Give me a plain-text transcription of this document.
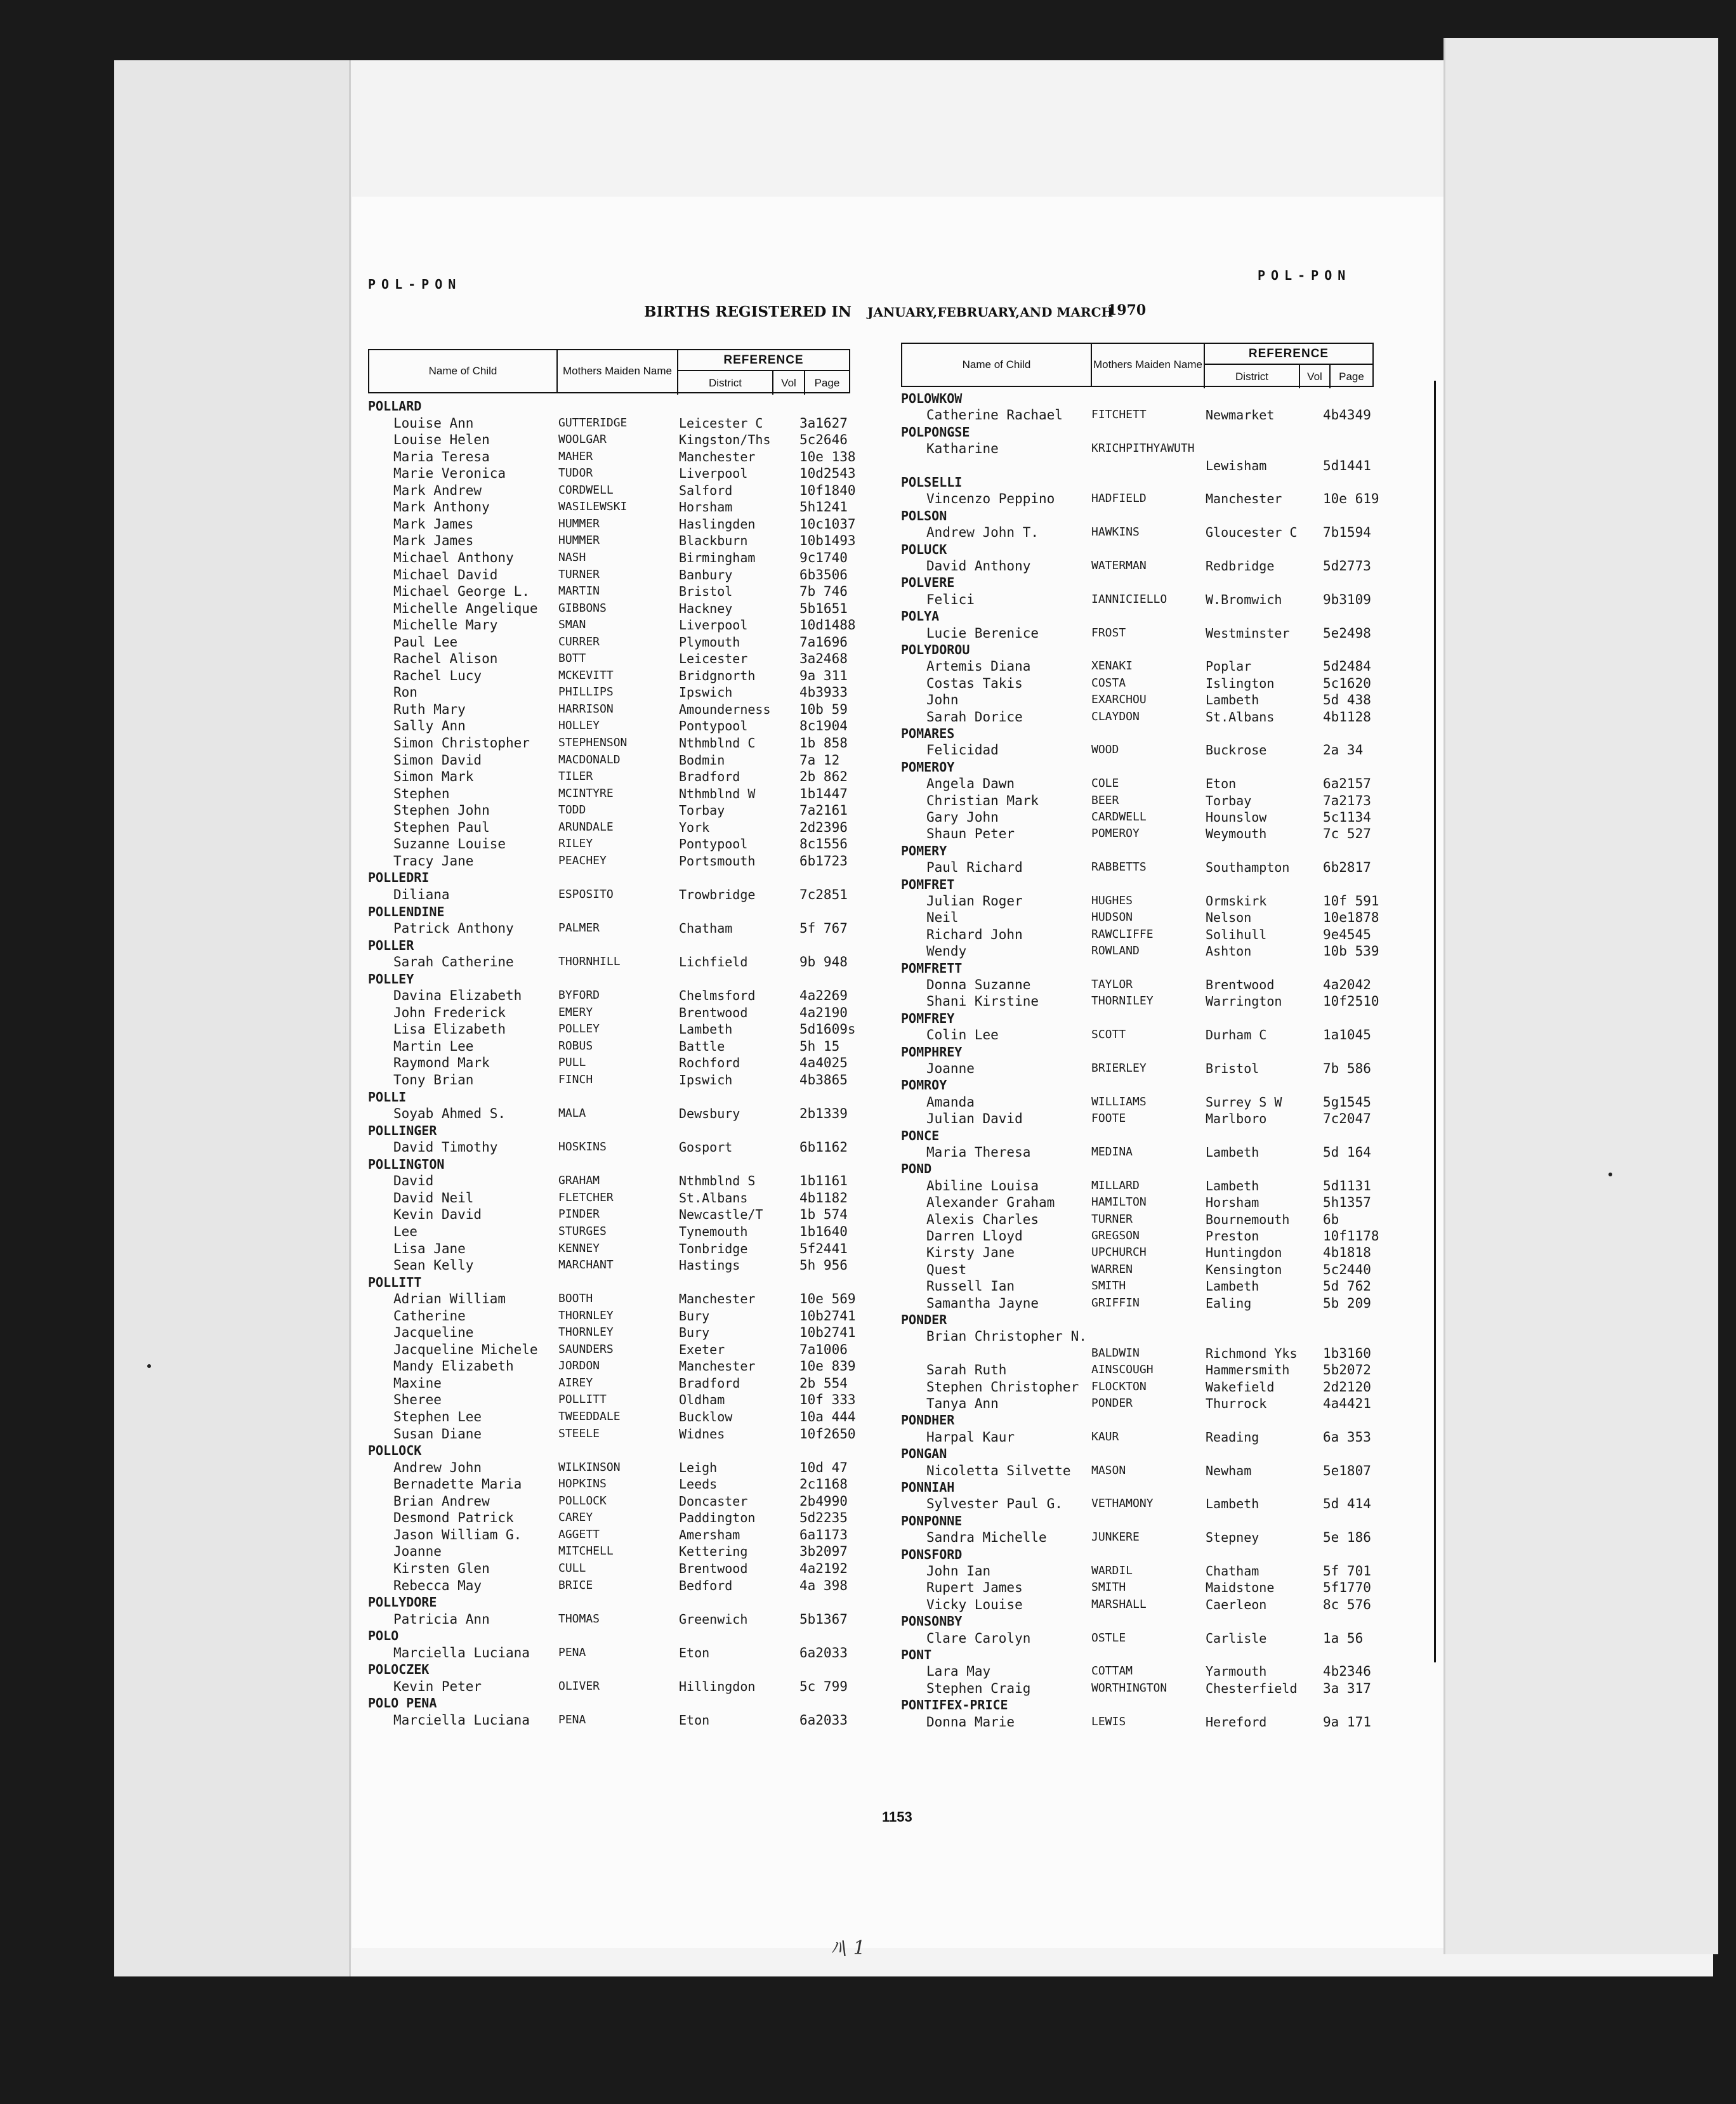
POL-PON
POL-PON
BIRTHS REGISTERED IN JANUARY,FEBRUARY,AND MARCH
1970
Name of Child	Mothers Maiden Name
REFERENCE
District	Vol	Page
Name of Child	Mothers Maiden Name
REFERENCE
District	Vol	Page
POLLARD
Louise Ann	GUTTERIDGE	Leicester C	3a1627
Louise Helen	WOOLGAR	Kingston/Ths 5c2646
Maria Teresa	MAHER	Manchester	10e 138
Marie Veronica	TUDOR	Liverpool	10d2543
Mark Andrew	CORDWELL	Salford	10f1840
Mark Anthony	WASILEWSKI	Horsham	5h1241
Mark James	HUMMER	Haslingden	10c1037
Mark James	HUMMER	Blackburn	10b1493
Michael Anthony	NASH	Birmingham	9c1740
Michael David	TURNER	Banbury	6b3506
Michael George L.	MARTIN	Bristol	7b 746
Michelle Angelique GIBBONS	Hackney	5b1651
Michelle Mary	SMAN	Liverpool	10d1488
Paul Lee	CURRER	Plymouth	7a1696
Rachel Alison	BOTT	Leicester	3a2468
Rachel Lucy	MCKEVITT	Bridgnorth	9a 311
Ron	PHILLIPS	Ipswich	4b3933
Ruth Mary	HARRISON	Amounderness 10b 59
Sally Ann	HOLLEY	Pontypool	8c1904
Simon Christopher	STEPHENSON	Nthmblnd C	1b 858
Simon David	MACDONALD	Bodmin	7a 12
Simon Mark	TILER	Bradford	2b 862
Stephen	MCINTYRE	Nthmblnd W	1b1447
Stephen John	TODD	Torbay	7a2161
Stephen Paul	ARUNDALE	York	2d2396
Suzanne Louise	RILEY	Pontypool	8c1556
Tracy Jane	PEACHEY	Portsmouth	6b1723
POLLEDRI
Diliana	ESPOSITO	Trowbridge	7c2851
POLLENDINE
Patrick Anthony	PALMER	Chatham	5f 767
POLLER
Sarah Catherine	THORNHILL	Lichfield	9b 948
POLLEY
Davina Elizabeth	BYFORD	Chelmsford	4a2269
John Frederick	EMERY	Brentwood	4a2190
Lisa Elizabeth	POLLEY	Lambeth	5d1609s
Martin Lee	ROBUS	Battle	5h 15
Raymond Mark	PULL	Rochford	4a4025
Tony Brian	FINCH	Ipswich	4b3865
POLLI
Soyab Ahmed S.	MALA	Dewsbury	2b1339
POLLINGER
David Timothy	HOSKINS	Gosport	6b1162
POLLINGTON
David	GRAHAM	Nthmblnd S	1b1161
David Neil	FLETCHER	St.Albans	4b1182
Kevin David	PINDER	Newcastle/T	1b 574
Lee	STURGES	Tynemouth	1b1640
Lisa Jane	KENNEY	Tonbridge	5f2441
Sean Kelly	MARCHANT	Hastings	5h 956
POLLITT
Adrian William	BOOTH	Manchester	10e 569
Catherine	THORNLEY	Bury	10b2741
Jacqueline	THORNLEY	Bury	10b2741
Jacqueline Michele SAUNDERS	Exeter	7a1006
Mandy Elizabeth	JORDON	Manchester	10e 839
Maxine	AIREY	Bradford	2b 554
Sheree	POLLITT	Oldham	10f 333
Stephen Lee	TWEEDDALE	Bucklow	10a 444
Susan Diane	STEELE	Widnes	10f2650
POLLOCK
Andrew John	WILKINSON	Leigh	10d 47
Bernadette Maria	HOPKINS	Leeds	2c1168
Brian Andrew	POLLOCK	Doncaster	2b4990
Desmond Patrick	CAREY	Paddington	5d2235
Jason William G.	AGGETT	Amersham	6a1173
Joanne	MITCHELL	Kettering	3b2097
Kirsten Glen	CULL	Brentwood	4a2192
Rebecca May	BRICE	Bedford	4a 398
POLLYDORE
Patricia Ann	THOMAS	Greenwich	5b1367
POLO
Marciella Luciana	PENA	Eton	6a2033
POLOCZEK
Kevin Peter	OLIVER	Hillingdon	5c 799
POLO PENA
Marciella Luciana	PENA	Eton	6a2033
POLOWKOW
Catherine Rachael	FITCHETT	Newmarket	4b4349
POLPONGSE
Katharine	KRICHPITHYAWUTH
Lewisham	5d1441
POLSELLI
Vincenzo Peppino	HADFIELD	Manchester	10e 619
POLSON
Andrew John T.	HAWKINS	Gloucester C 7b1594
POLUCK
David Anthony	WATERMAN	Redbridge	5d2773
POLVERE
Felici	IANNICIELLO	W.Bromwich	9b3109
POLYA
Lucie Berenice	FROST	Westminster	5e2498
POLYDOROU
Artemis Diana	XENAKI	Poplar	5d2484
Costas Takis	COSTA	Islington	5c1620
John	EXARCHOU	Lambeth	5d 438
Sarah Dorice	CLAYDON	St.Albans	4b1128
POMARES
Felicidad	WOOD	Buckrose	2a 34
POMEROY
Angela Dawn	COLE	Eton	6a2157
Christian Mark	BEER	Torbay	7a2173
Gary John	CARDWELL	Hounslow	5c1134
Shaun Peter	POMEROY	Weymouth	7c 527
POMERY
Paul Richard	RABBETTS	Southampton	6b2817
POMFRET
Julian Roger	HUGHES	Ormskirk	10f 591
Neil	HUDSON	Nelson	10e1878
Richard John	RAWCLIFFE	Solihull	9e4545
Wendy	ROWLAND	Ashton	10b 539
POMFRETT
Donna Suzanne	TAYLOR	Brentwood	4a2042
Shani Kirstine	THORNILEY	Warrington	10f2510
POMFREY
Colin Lee	SCOTT	Durham C	1a1045
POMPHREY
Joanne	BRIERLEY	Bristol	7b 586
POMROY
Amanda	WILLIAMS	Surrey S W	5g1545
Julian David	FOOTE	Marlboro	7c2047
PONCE
Maria Theresa	MEDINA	Lambeth	5d 164
POND
Abiline Louisa	MILLARD	Lambeth	5d1131
Alexander Graham	HAMILTON	Horsham	5h1357
Alexis Charles	TURNER	Bournemouth	6b
Darren Lloyd	GREGSON	Preston	10f1178
Kirsty Jane	UPCHURCH	Huntingdon	4b1818
Quest	WARREN	Kensington	5c2440
Russell Ian	SMITH	Lambeth	5d 762
Samantha Jayne	GRIFFIN	Ealing	5b 209
PONDER
Brian Christopher N.
BALDWIN	Richmond Yks 1b3160
Sarah Ruth	AINSCOUGH	Hammersmith	5b2072
Stephen Christopher FLOCKTON	Wakefield	2d2120
Tanya Ann	PONDER	Thurrock	4a4421
PONDHER
Harpal Kaur	KAUR	Reading	6a 353
PONGAN
Nicoletta Silvette MASON	Newham	5e1807
PONNIAH
Sylvester Paul G.	VETHAMONY	Lambeth	5d 414
PONPONNE
Sandra Michelle	JUNKERE	Stepney	5e 186
PONSFORD
John Ian	WARDIL	Chatham	5f 701
Rupert James	SMITH	Maidstone	5f1770
Vicky Louise	MARSHALL	Caerleon	8c 576
PONSONBY
Clare Carolyn	OSTLE	Carlisle	1a 56
PONT
Lara May	COTTAM	Yarmouth	4b2346
Stephen Craig	WORTHINGTON	Chesterfield 3a 317
PONTIFEX-PRICE
Donna Marie	LEWIS	Hereford	9a 171
1153
ﾊ\ 1
